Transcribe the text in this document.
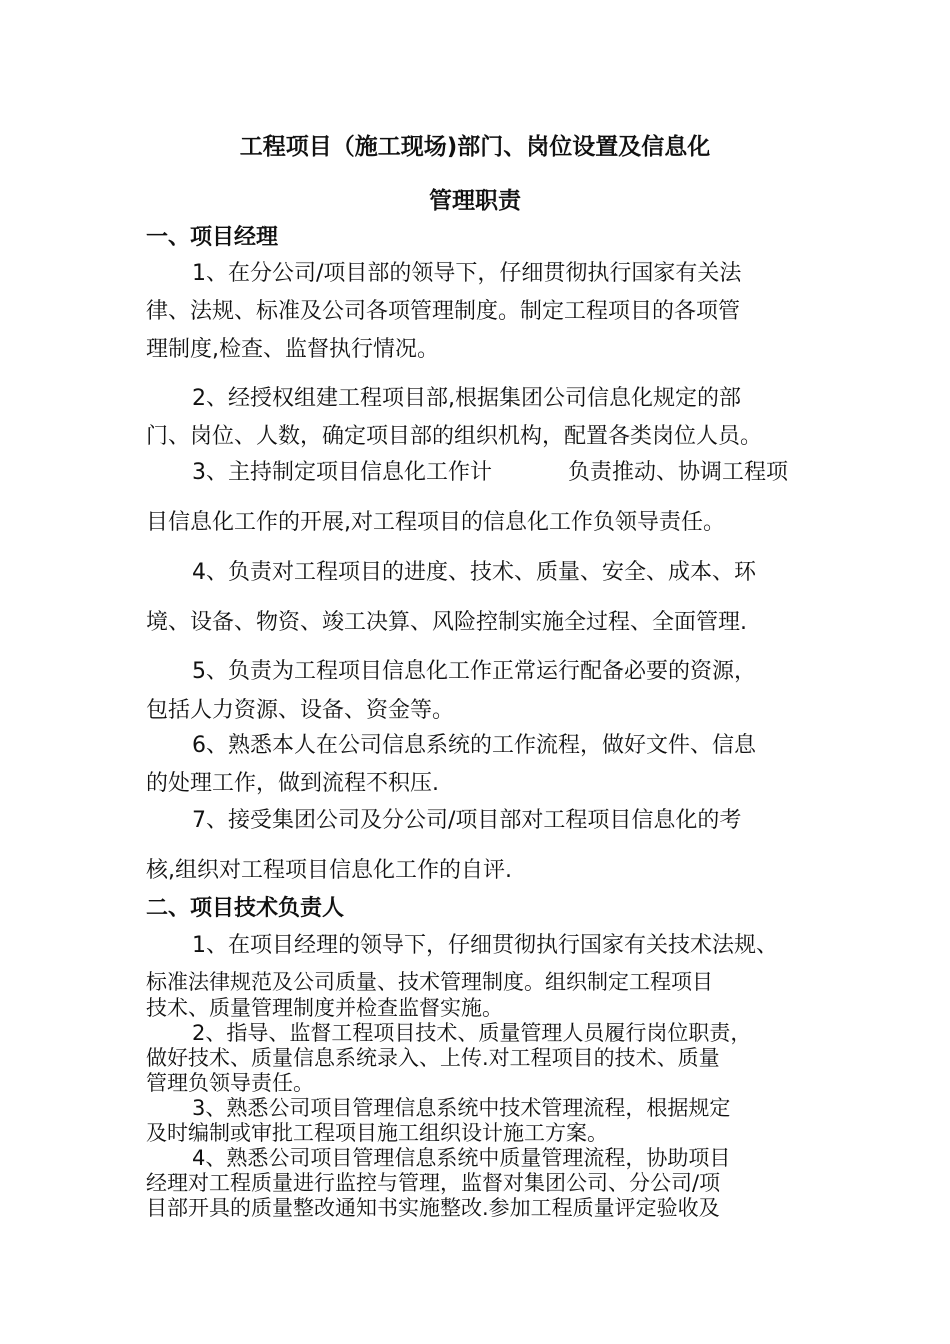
工程项目（施工现场)部门、岗位设置及信息化
管理职责
一、项目经理
1、在分公司/项目部的领导下，仔细贯彻执行国家有关法
律、法规、标准及公司各项管理制度。制定工程项目的各项管
理制度,检查、监督执行情况。
2、经授权组建工程项目部,根据集团公司信息化规定的部
门、岗位、人数，确定项目部的组织机构，配置各类岗位人员。
3、主持制定项目信息化工作计	负责推动、协调工程项
目信息化工作的开展,对工程项目的信息化工作负领导责任。
4、负责对工程项目的进度、技术、质量、安全、成本、环
境、设备、物资、竣工决算、风险控制实施全过程、全面管理.
5、负责为工程项目信息化工作正常运行配备必要的资源，
包括人力资源、设备、资金等。
6、熟悉本人在公司信息系统的工作流程，做好文件、信息
的处理工作，做到流程不积压.
7、接受集团公司及分公司/项目部对工程项目信息化的考
核,组织对工程项目信息化工作的自评.
二、项目技术负责人
1、在项目经理的领导下，仔细贯彻执行国家有关技术法规、
标准法律规范及公司质量、技术管理制度。组织制定工程项目
技术、质量管理制度并检查监督实施。
2、指导、监督工程项目技术、质量管理人员履行岗位职责，
做好技术、质量信息系统录入、上传.对工程项目的技术、质量
管理负领导责任。
3、熟悉公司项目管理信息系统中技术管理流程，根据规定
及时编制或审批工程项目施工组织设计施工方案。
4、熟悉公司项目管理信息系统中质量管理流程，协助项目
经理对工程质量进行监控与管理，监督对集团公司、分公司/项
目部开具的质量整改通知书实施整改.参加工程质量评定验收及
